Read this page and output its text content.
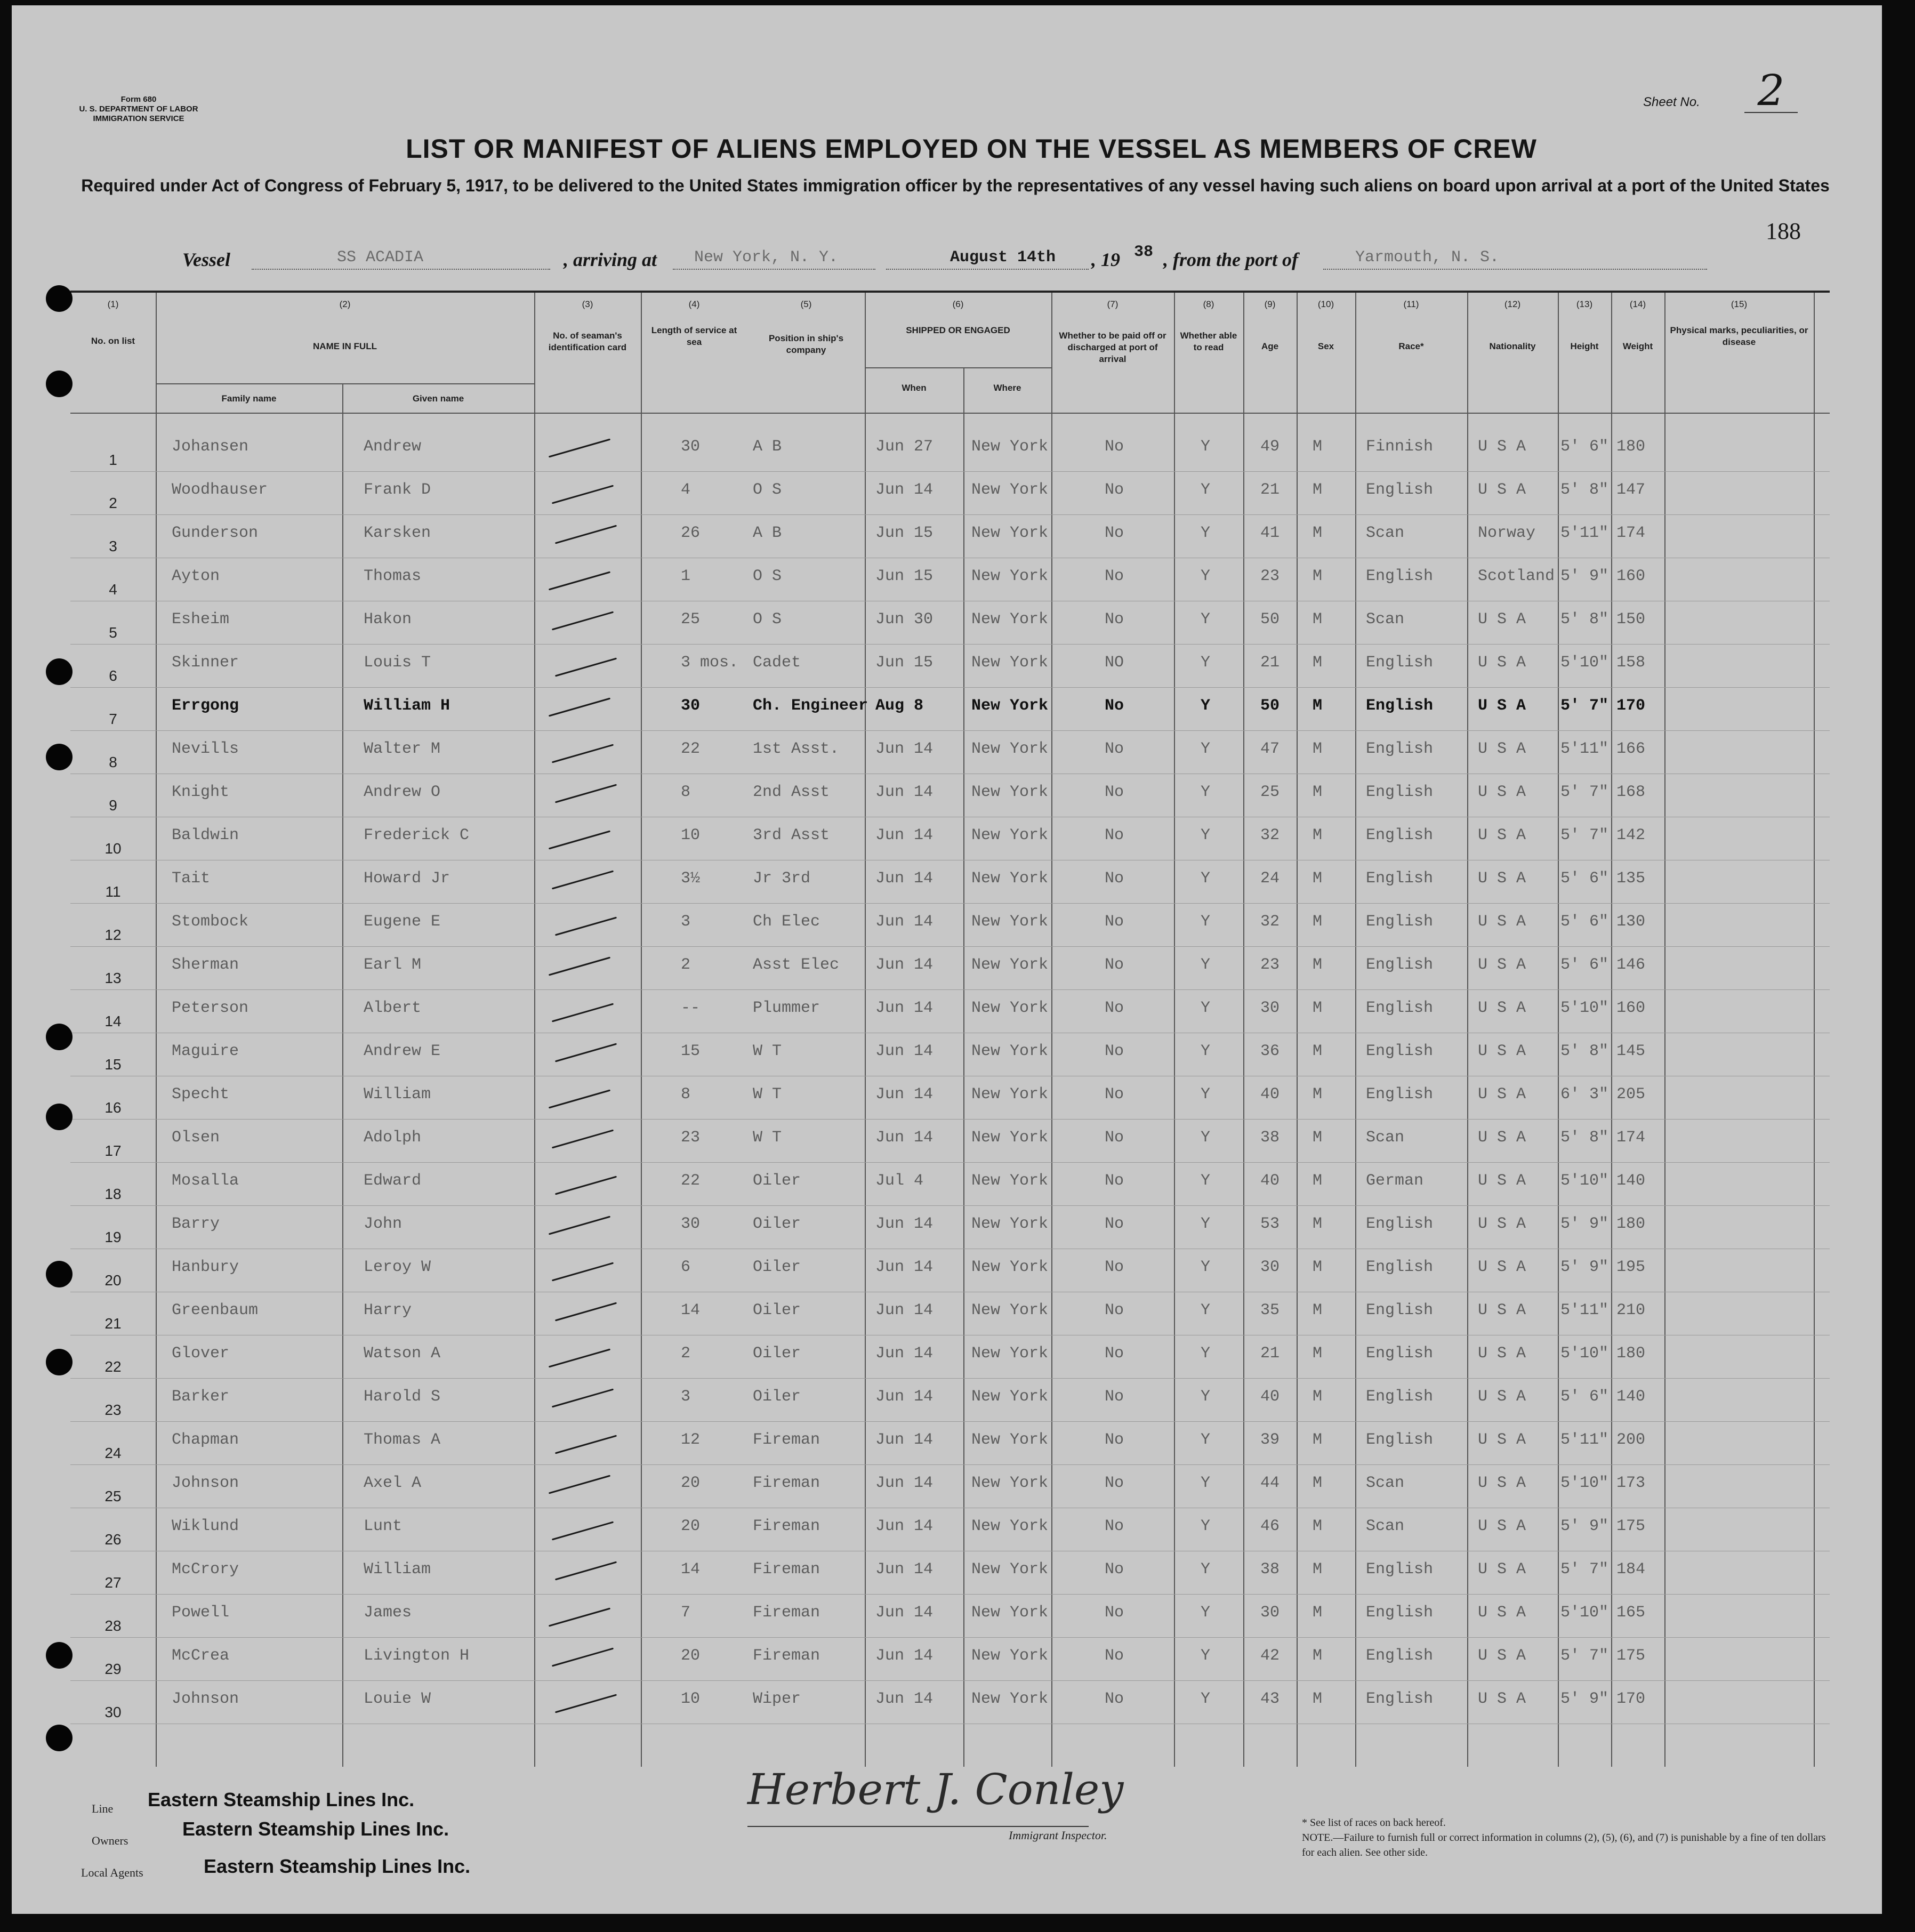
Form 680
U. S. DEPARTMENT OF LABOR
IMMIGRATION SERVICE
Sheet No.	2
LIST OR MANIFEST OF ALIENS EMPLOYED ON THE VESSEL AS MEMBERS OF CREW
Required under Act of Congress of February 5, 1917, to be delivered to the United States immigration officer by the representatives of any vessel having such aliens on board upon arrival at a port of the United States
188
Vessel	SS ACADIA	, arriving at	New York, N. Y.	August 14th	, 19 38 , from the port of	Yarmouth, N. S.
(1)
No. on list
(2)
NAME IN FULL
Family name	Given name
(3)
No. of seaman's identification card
(4)
Length of service at sea
(5)
Position in ship's company
(6)
SHIPPED OR ENGAGED
When	Where
(7)
Whether to be paid off or discharged at port of arrival
(8)
Whether able to read
(9)
Age
(10)
Sex
(11)
Race*
(12)
Nationality
(13)
Height
(14)
Weight
(15)
Physical marks, peculiarities, or disease
1
Johansen	Andrew	30	A B	Jun 27 New York	No	Y	49 M	Finnish	U S A 5' 6" 180
2
Woodhauser	Frank D	4	O S	Jun 14 New York	No	Y	21 M	English	U S A 5' 8" 147
3
Gunderson	Karsken	26	A B	Jun 15 New York	No	Y	41 M	Scan	Norway 5'11" 174
4
Ayton	Thomas	1	O S	Jun 15 New York	No	Y	23 M	English	Scotland 5' 9" 160
5
Esheim	Hakon	25	O S	Jun 30 New York	No	Y	50 M	Scan	U S A 5' 8" 150
6
Skinner	Louis T	3 mos. Cadet	Jun 15 New York	NO	Y	21 M	English	U S A 5'10" 158
7
Errgong	William H	30	Ch. Engineer Aug 8	New York	No	Y	50 M	English	U S A 5' 7" 170
8
Nevills	Walter M	22	1st Asst. Jun 14 New York	No	Y	47 M	English	U S A 5'11" 166
9
Knight	Andrew O	8	2nd Asst	Jun 14 New York	No	Y	25 M	English	U S A 5' 7" 168
10
Baldwin	Frederick C	10	3rd Asst	Jun 14 New York	No	Y	32 M	English	U S A 5' 7" 142
11
Tait	Howard Jr	3½	Jr 3rd	Jun 14 New York	No	Y	24 M	English	U S A 5' 6" 135
12
Stombock	Eugene E	3	Ch Elec	Jun 14 New York	No	Y	32 M	English	U S A 5' 6" 130
13
Sherman	Earl M	2	Asst Elec Jun 14 New York	No	Y	23 M	English	U S A 5' 6" 146
14
Peterson	Albert	--	Plummer	Jun 14 New York	No	Y	30 M	English	U S A 5'10" 160
15
Maguire	Andrew E	15	W T	Jun 14 New York	No	Y	36 M	English	U S A 5' 8" 145
16
Specht	William	8	W T	Jun 14 New York	No	Y	40 M	English	U S A 6' 3" 205
17
Olsen	Adolph	23	W T	Jun 14 New York	No	Y	38 M	Scan	U S A 5' 8" 174
18
Mosalla	Edward	22	Oiler	Jul 4	New York	No	Y	40 M	German	U S A 5'10" 140
19
Barry	John	30	Oiler	Jun 14 New York	No	Y	53 M	English	U S A 5' 9" 180
20
Hanbury	Leroy W	6	Oiler	Jun 14 New York	No	Y	30 M	English	U S A 5' 9" 195
21
Greenbaum	Harry	14	Oiler	Jun 14 New York	No	Y	35 M	English	U S A 5'11" 210
22
Glover	Watson A	2	Oiler	Jun 14 New York	No	Y	21 M	English	U S A 5'10" 180
23
Barker	Harold S	3	Oiler	Jun 14 New York	No	Y	40 M	English	U S A 5' 6" 140
24
Chapman	Thomas A	12	Fireman	Jun 14 New York	No	Y	39 M	English	U S A 5'11" 200
25
Johnson	Axel A	20	Fireman	Jun 14 New York	No	Y	44 M	Scan	U S A 5'10" 173
26
Wiklund	Lunt	20	Fireman	Jun 14 New York	No	Y	46 M	Scan	U S A 5' 9" 175
27
McCrory	William	14	Fireman	Jun 14 New York	No	Y	38 M	English	U S A 5' 7" 184
28
Powell	James	7	Fireman	Jun 14 New York	No	Y	30 M	English	U S A 5'10" 165
29
McCrea	Livington H	20	Fireman	Jun 14 New York	No	Y	42 M	English	U S A 5' 7" 175
30
Johnson	Louie W	10	Wiper	Jun 14 New York	No	Y	43 M	English	U S A 5' 9" 170
Line Eastern Steamship Lines Inc.
Owners
Eastern Steamship Lines Inc.
Local Agents	Eastern Steamship Lines Inc.
Herbert J. Conley
Immigrant Inspector.
* See list of races on back hereof.
NOTE.—Failure to furnish full or correct information in columns (2), (5), (6), and (7) is punishable by a fine of ten dollars for each alien. See other side.
